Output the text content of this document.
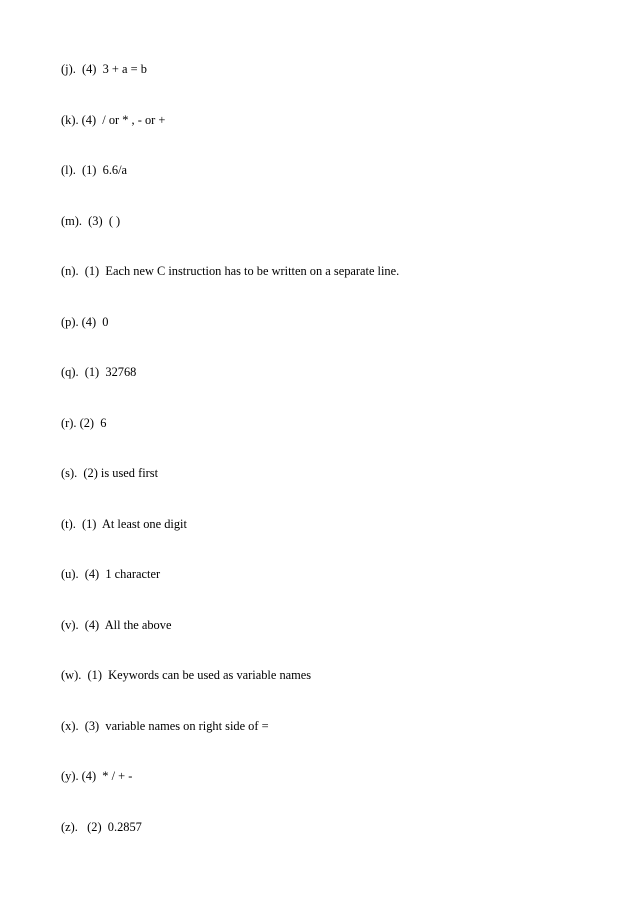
(j).  (4)  3 + a = b
(k). (4)  / or * , - or +
(l).  (1)  6.6/a
(m).  (3)  ( )
(n).  (1)  Each new C instruction has to be written on a separate line.
(p). (4)  0
(q).  (1)  32768
(r). (2)  6
(s).  (2) is used first
(t).  (1)  At least one digit
(u).  (4)  1 character
(v).  (4)  All the above
(w).  (1)  Keywords can be used as variable names
(x).  (3)  variable names on right side of =
(y). (4)  * / + -
(z).   (2)  0.2857
